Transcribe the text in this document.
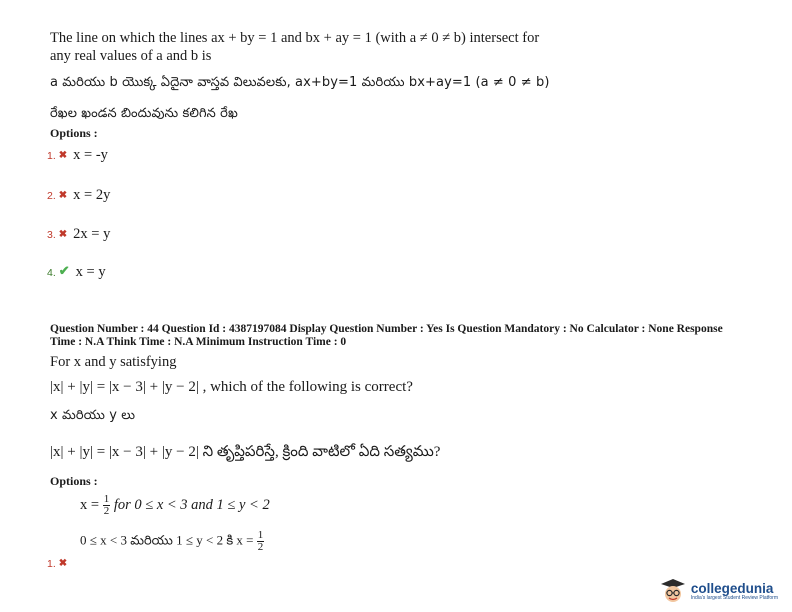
The line on which the lines ax + by = 1 and bx + ay = 1 (with a ≠ 0 ≠ b) intersect for
any real values of a and b is
a మరియు b యొక్క ఏదైనా వాస్తవ విలువలకు, ax+by=1 మరియు bx+ay=1 (a ≠ 0 ≠ b)
రేఖల ఖండన బిందువును కలిగిన రేఖ
Options :
1. ✖ x = -y
2. ✖ x = 2y
3. ✖ 2x = y
4. ✔ x = y
Question Number : 44 Question Id : 4387197084 Display Question Number : Yes Is Question Mandatory : No Calculator : None Response
Time : N.A Think Time : N.A Minimum Instruction Time : 0
For x and y satisfying
|x| + |y| = |x − 3| + |y − 2| , which of the following is correct?
x మరియు y లు
|x| + |y| = |x − 3| + |y − 2| ని తృప్తిపరిస్తే, క్రింది వాటిలో ఏది సత్యము?
Options :
$x = \frac{1}{2}$ for 0 ≤ x < 3 and 1 ≤ y < 2
0 ≤ x < 3 మరియు 1 ≤ y < 2 కి $x = \frac{1}{2}$
1. ✖
collegedunia
India's largest Student Review Platform
